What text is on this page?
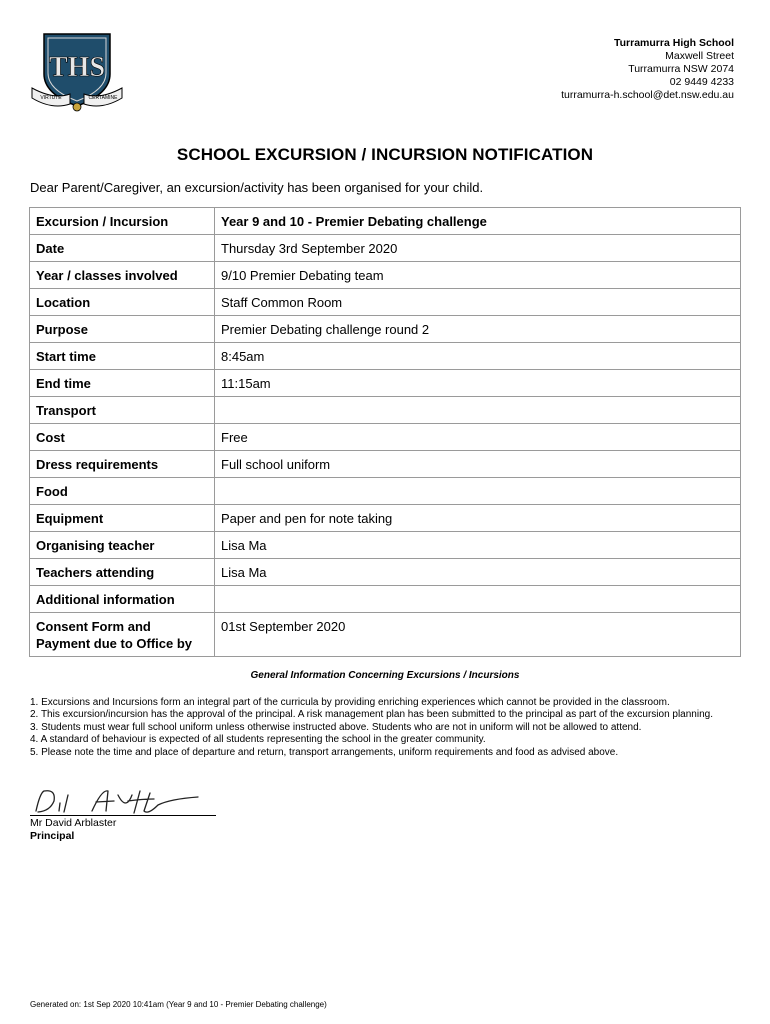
THS
VIRTUTE	CERTAMINE
Turramurra High School
Maxwell Street
Turramurra NSW 2074
02 9449 4233
turramurra-h.school@det.nsw.edu.au
SCHOOL EXCURSION / INCURSION NOTIFICATION
Dear Parent/Caregiver, an excursion/activity has been organised for your child.
Excursion / Incursion	Year 9 and 10 - Premier Debating challenge
Date	Thursday 3rd September 2020
Year / classes involved	9/10 Premier Debating team
Location	Staff Common Room
Purpose	Premier Debating challenge round 2
Start time	8:45am
End time	11:15am
Transport	
Cost	Free
Dress requirements	Full school uniform
Food	
Equipment	Paper and pen for note taking
Organising teacher	Lisa Ma
Teachers attending	Lisa Ma
Additional information	
Consent Form and Payment due to Office by	01st September 2020
General Information Concerning Excursions / Incursions

1. Excursions and Incursions form an integral part of the curricula by providing enriching experiences which cannot be provided in the classroom.

2. This excursion/incursion has the approval of the principal. A risk management plan has been submitted to the principal as part of the excursion planning.

3. Students must wear full school uniform unless otherwise instructed above. Students who are not in uniform will not be allowed to attend.

4. A standard of behaviour is expected of all students representing the school in the greater community.

5. Please note the time and place of departure and return, transport arrangements, uniform requirements and food as advised above.

Mr David Arblaster
Principal
Generated on: 1st Sep 2020 10:41am (Year 9 and 10 - Premier Debating challenge)
